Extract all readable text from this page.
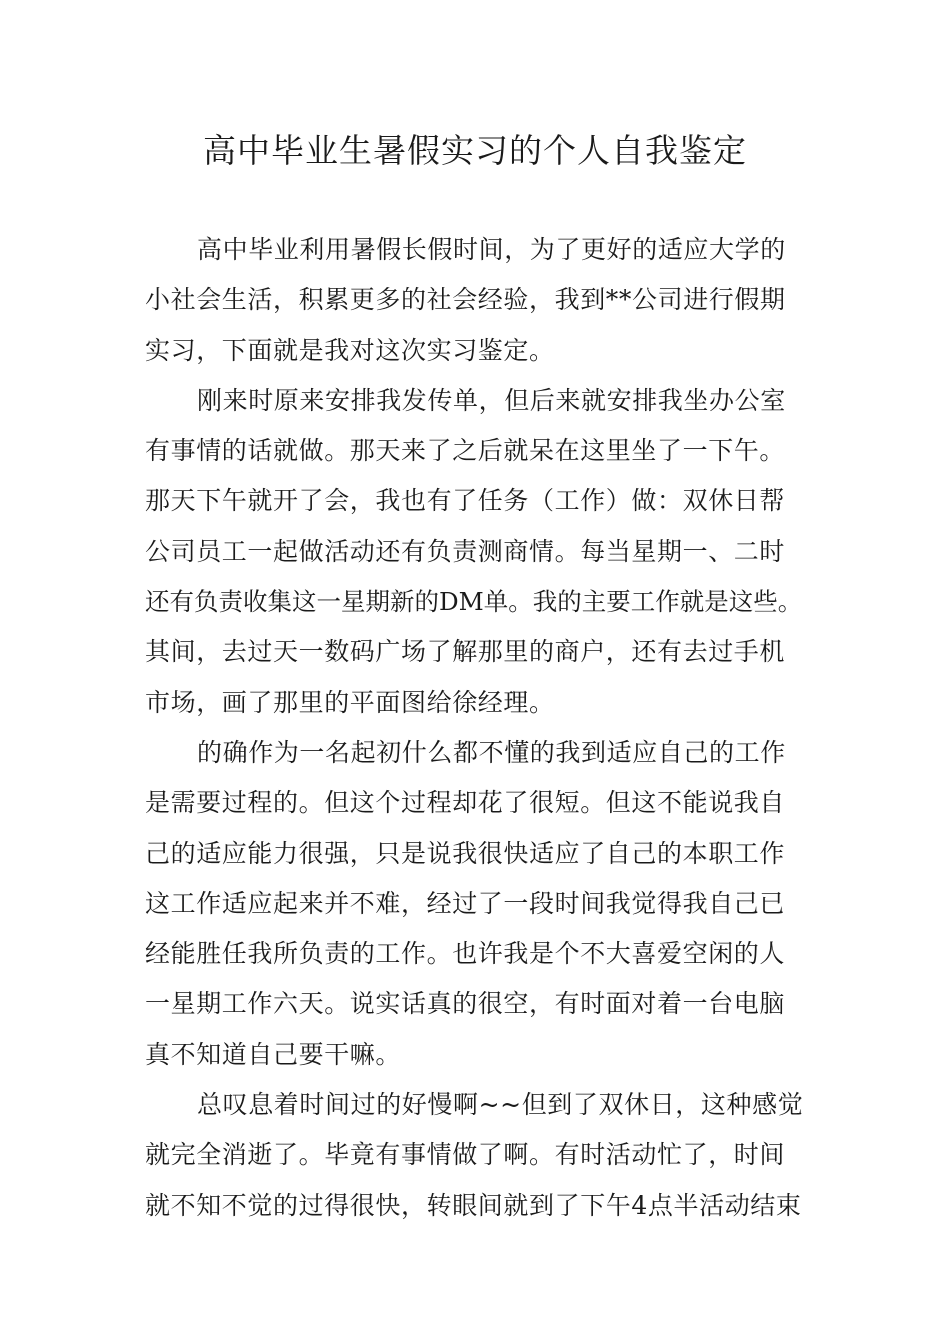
高中毕业生暑假实习的个人自我鉴定
高中毕业利用暑假长假时间，为了更好的适应大学的
小社会生活，积累更多的社会经验，我到**公司进行假期
实习，下面就是我对这次实习鉴定。
刚来时原来安排我发传单，但后来就安排我坐办公室
有事情的话就做。那天来了之后就呆在这里坐了一下午。
那天下午就开了会，我也有了任务（工作）做：双休日帮
公司员工一起做活动还有负责测商情。每当星期一、二时
还有负责收集这一星期新的DM单。我的主要工作就是这些。
其间，去过天一数码广场了解那里的商户，还有去过手机
市场，画了那里的平面图给徐经理。
的确作为一名起初什么都不懂的我到适应自己的工作
是需要过程的。但这个过程却花了很短。但这不能说我自
己的适应能力很强，只是说我很快适应了自己的本职工作
这工作适应起来并不难，经过了一段时间我觉得我自己已
经能胜任我所负责的工作。也许我是个不大喜爱空闲的人
一星期工作六天。说实话真的很空，有时面对着一台电脑
真不知道自己要干嘛。
总叹息着时间过的好慢啊~~但到了双休日，这种感觉
就完全消逝了。毕竟有事情做了啊。有时活动忙了，时间
就不知不觉的过得很快，转眼间就到了下午4点半活动结束
